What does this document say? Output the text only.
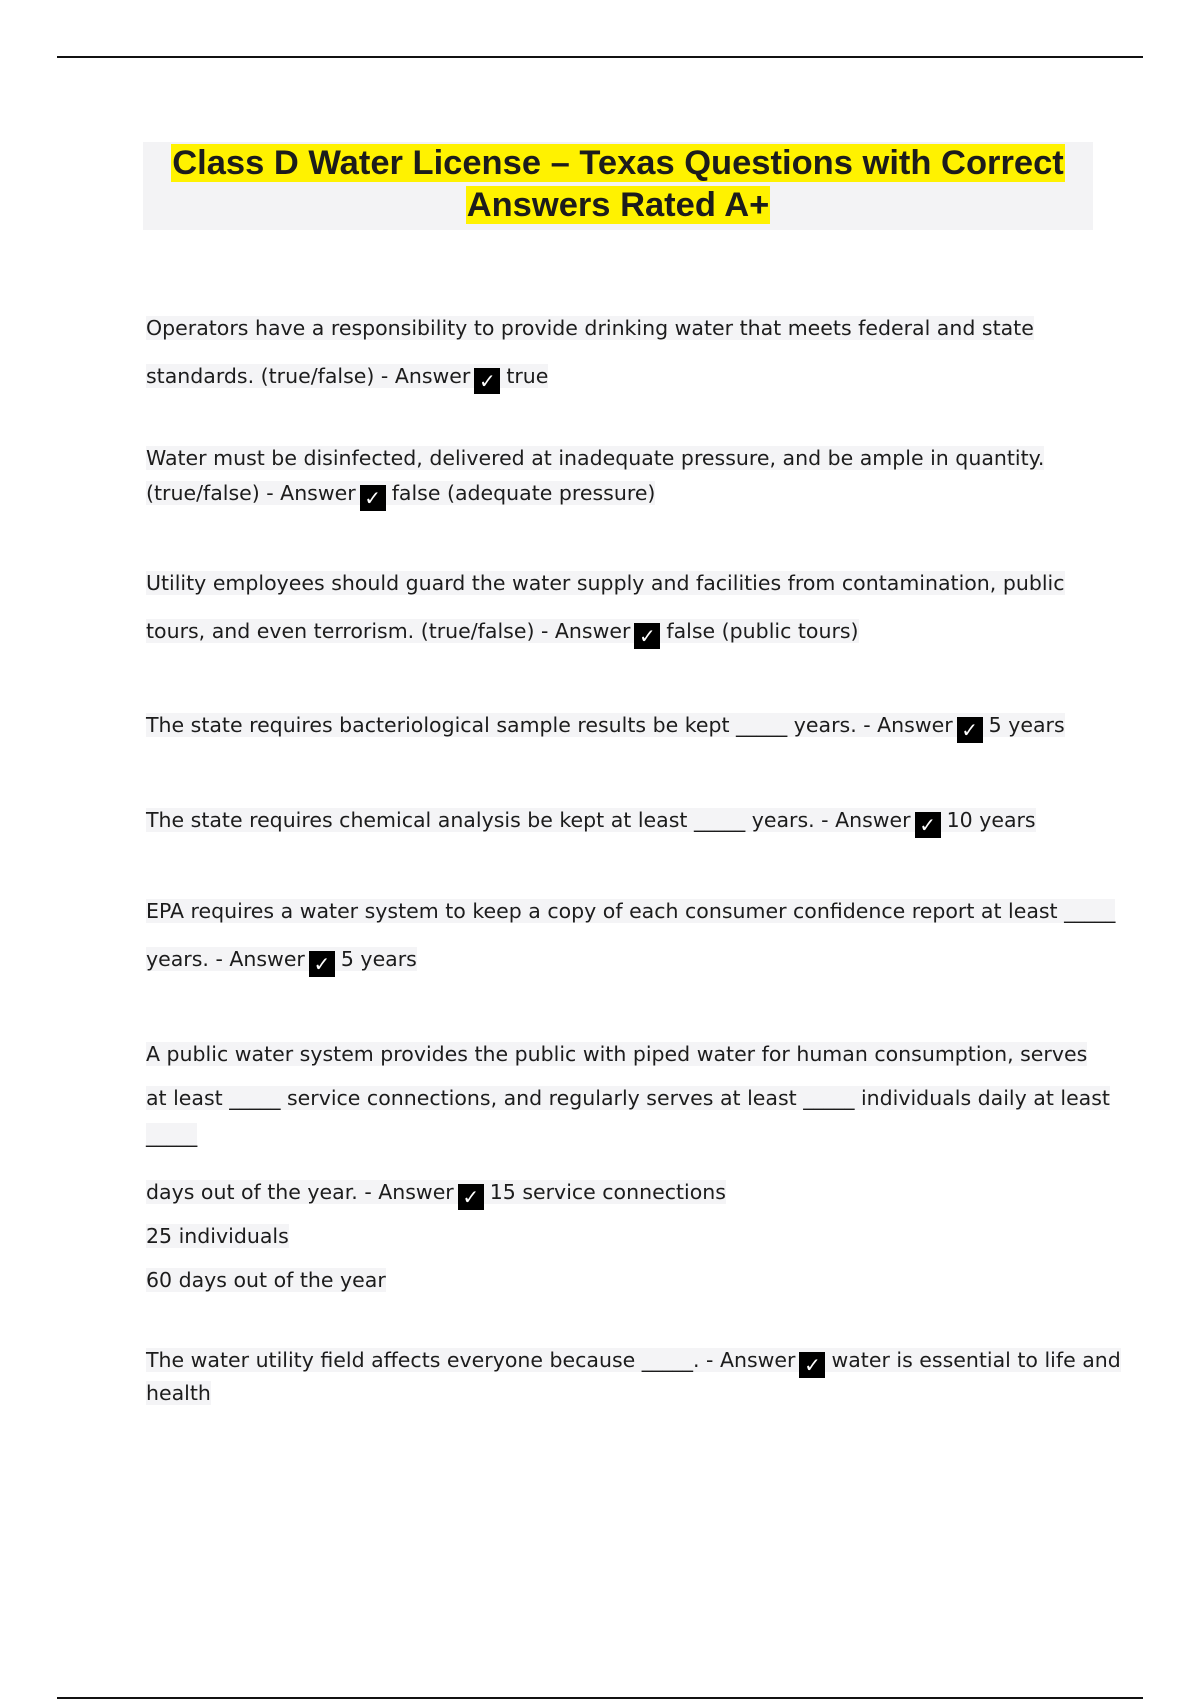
Class D Water License – Texas Questions with Correct
Answers Rated A+
Operators have a responsibility to provide drinking water that meets federal and state
standards. (true/false) - Answer ✓ true
Water must be disinfected, delivered at inadequate pressure, and be ample in quantity.
(true/false) - Answer ✓ false (adequate pressure)
Utility employees should guard the water supply and facilities from contamination, public
tours, and even terrorism. (true/false) - Answer ✓ false (public tours)
The state requires bacteriological sample results be kept _____ years. - Answer ✓ 5 years
The state requires chemical analysis be kept at least _____ years. - Answer ✓ 10 years
EPA requires a water system to keep a copy of each consumer confidence report at least _____
years. - Answer ✓ 5 years
A public water system provides the public with piped water for human consumption, serves
at least _____ service connections, and regularly serves at least _____ individuals daily at least
_____
days out of the year. - Answer ✓ 15 service connections
25 individuals
60 days out of the year
The water utility field affects everyone because _____. - Answer ✓ water is essential to life and
health
